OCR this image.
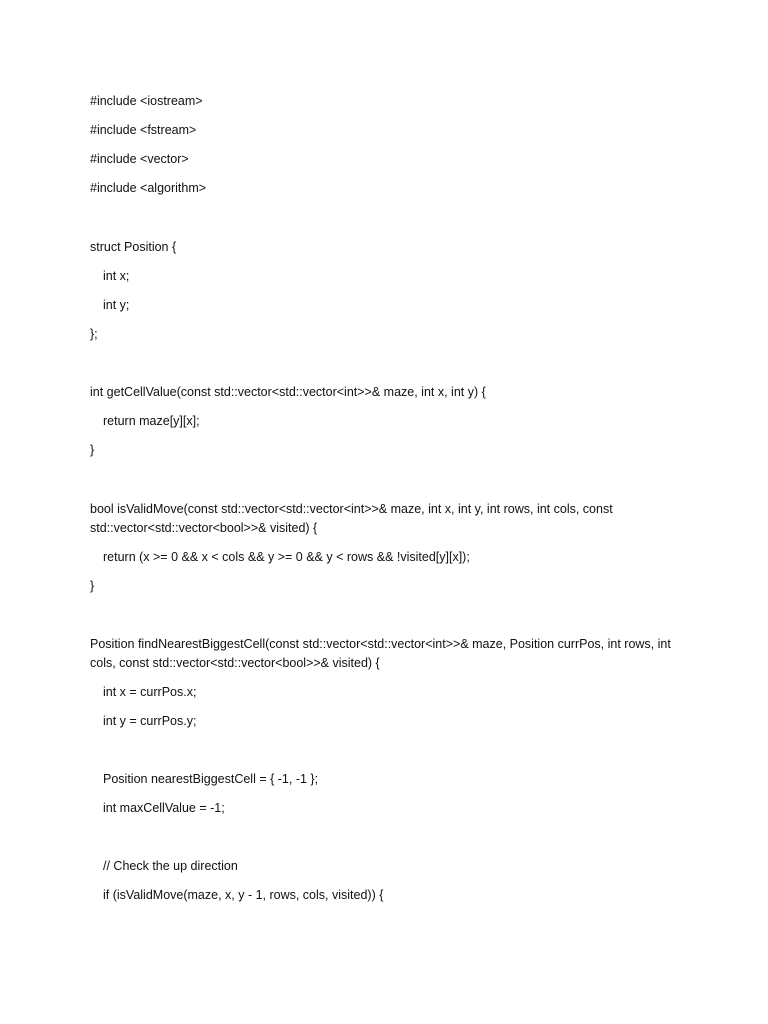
#include <iostream>
#include <fstream>
#include <vector>
#include <algorithm>
struct Position {
int x;
int y;
};
int getCellValue(const std::vector<std::vector<int>>& maze, int x, int y) {
return maze[y][x];
}
bool isValidMove(const std::vector<std::vector<int>>& maze, int x, int y, int rows, int cols, const std::vector<std::vector<bool>>& visited) {
return (x >= 0 && x < cols && y >= 0 && y < rows && !visited[y][x]);
}
Position findNearestBiggestCell(const std::vector<std::vector<int>>& maze, Position currPos, int rows, int cols, const std::vector<std::vector<bool>>& visited) {
int x = currPos.x;
int y = currPos.y;
Position nearestBiggestCell = { -1, -1 };
int maxCellValue = -1;
// Check the up direction
if (isValidMove(maze, x, y - 1, rows, cols, visited)) {
